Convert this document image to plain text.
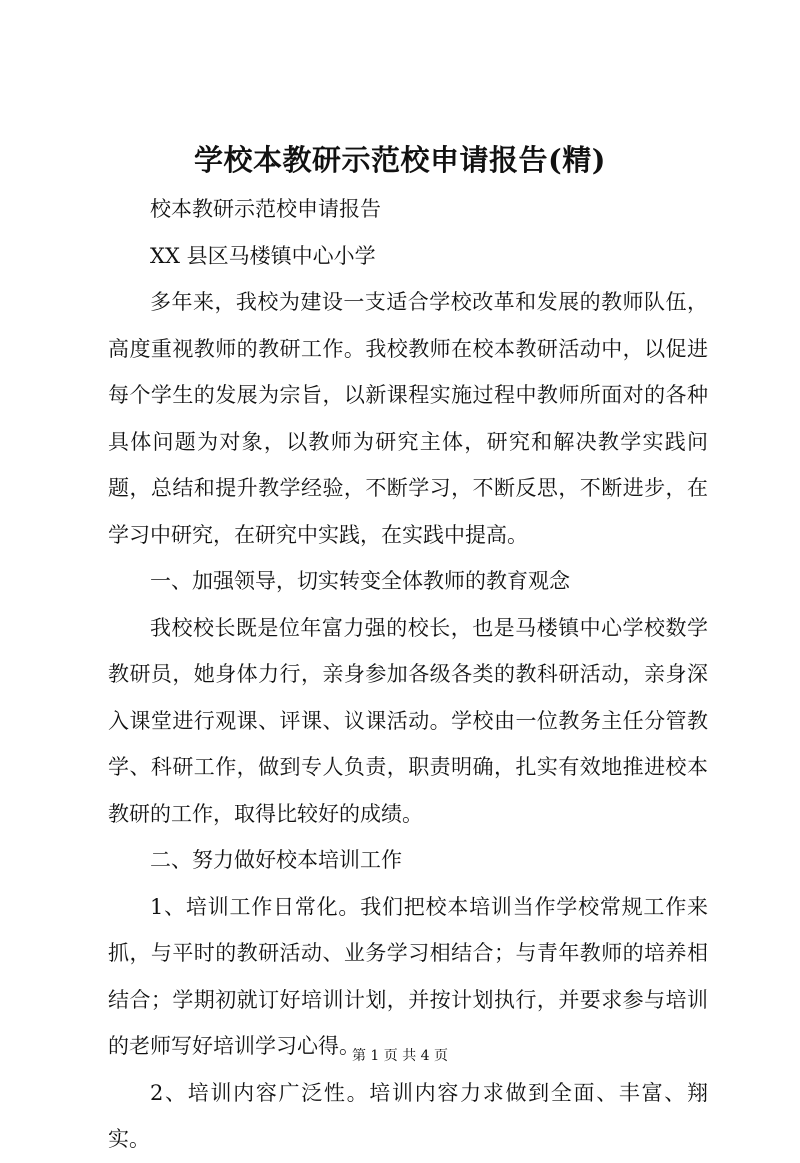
学校本教研示范校申请报告(精)

校本教研示范校申请报告

XX 县区马楼镇中心小学

多年来，我校为建设一支适合学校改革和发展的教师队伍，高度重视教师的教研工作。我校教师在校本教研活动中，以促进每个学生的发展为宗旨，以新课程实施过程中教师所面对的各种具体问题为对象，以教师为研究主体，研究和解决教学实践问题，总结和提升教学经验，不断学习，不断反思，不断进步，在学习中研究，在研究中实践，在实践中提高。

一、加强领导，切实转变全体教师的教育观念

我校校长既是位年富力强的校长，也是马楼镇中心学校数学教研员，她身体力行，亲身参加各级各类的教科研活动，亲身深入课堂进行观课、评课、议课活动。学校由一位教务主任分管教学、科研工作，做到专人负责，职责明确，扎实有效地推进校本教研的工作，取得比较好的成绩。

二、努力做好校本培训工作

1、培训工作日常化。我们把校本培训当作学校常规工作来抓，与平时的教研活动、业务学习相结合；与青年教师的培养相结合；学期初就订好培训计划，并按计划执行，并要求参与培训的老师写好培训学习心得。

2、培训内容广泛性。培训内容力求做到全面、丰富、翔实。

第 1 页 共 4 页
